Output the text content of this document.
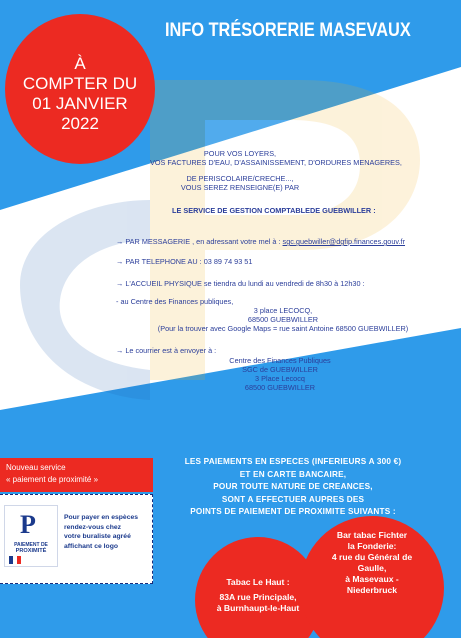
INFO TRÉSORERIE MASEVAUX
À
COMPTER DU
01 JANVIER
2022
POUR VOS LOYERS,
VOS FACTURES D'EAU, D'ASSAINISSEMENT, D'ORDURES MENAGERES,
DE PERISCOLAIRE/CRECHE...,
VOUS SEREZ RENSEIGNE(E) PAR
LE SERVICE DE GESTION COMPTABLEDE GUEBWILLER :
→ PAR MESSAGERIE , en adressant votre mel à : sgc.guebwiller@dgfip.finances.gouv.fr
→ PAR TELEPHONE AU : 03 89 74 93 51
→ L'ACCUEIL PHYSIQUE se tiendra du lundi au vendredi de 8h30 à 12h30 :
- au Centre des Finances publiques,
3 place LECOCQ,
68500 GUEBWILLER
(Pour la trouver avec Google Maps = rue saint Antoine 68500 GUEBWILLER)
→ Le courrier est à envoyer à :
Centre des Finances Publiques
SGC de GUEBWILLER
3 Place Lecocq
68500 GUEBWILLER
LES PAIEMENTS EN ESPECES (INFERIEURS A 300 €)
ET EN CARTE BANCAIRE,
POUR TOUTE NATURE DE CREANCES,
SONT A EFFECTUER AUPRES DES
POINTS DE PAIEMENT DE PROXIMITE SUIVANTS :
Nouveau service
« paiement de proximité »
P
PAIEMENT DE
PROXIMITÉ
Pour payer en espèces
rendez-vous chez
votre buraliste agréé
affichant ce logo
Tabac Le Haut :
83A rue Principale,
à Burnhaupt-le-Haut
Bar tabac Fichter
la Fonderie:
4 rue du Général de
Gaulle,
à Masevaux -
Niederbruck
